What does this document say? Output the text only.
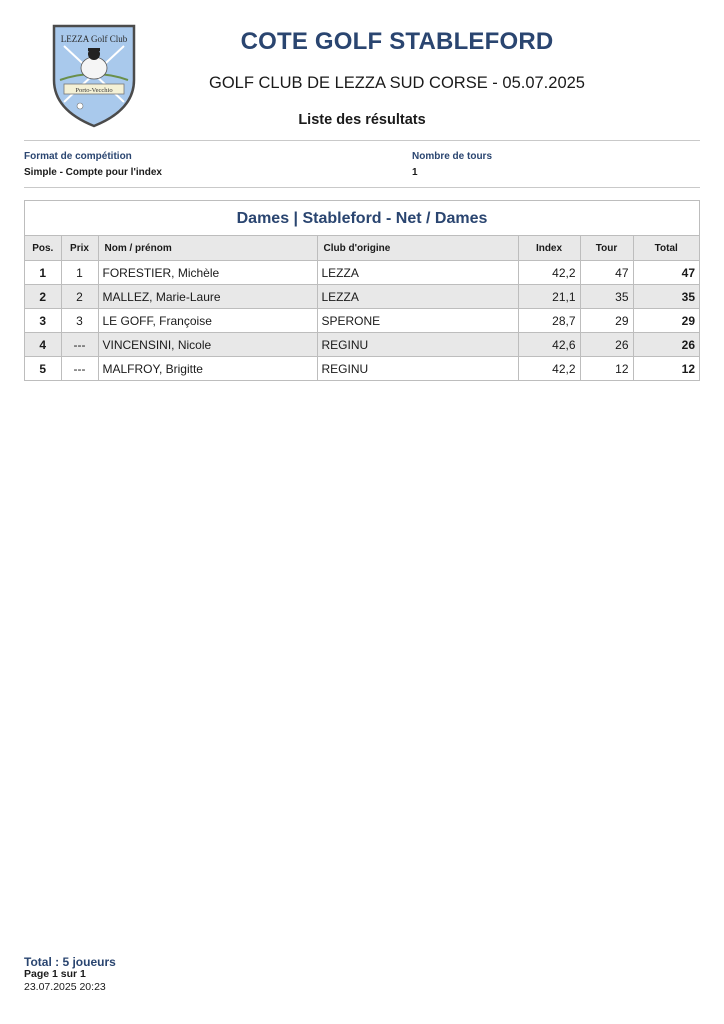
LEZZA Golf Club
Porto-Vecchio
COTE GOLF STABLEFORD
GOLF CLUB DE LEZZA SUD CORSE - 05.07.2025
Liste des résultats
Format de compétition
Simple - Compte pour l'index
Nombre de tours
1
Dames | Stableford - Net / Dames
Pos.	Prix	Nom / prénom	Club d'origine	Index	Tour	Total
1	1	FORESTIER, Michèle	LEZZA	42,2	47	47
2	2	MALLEZ, Marie-Laure	LEZZA	21,1	35	35
3	3	LE GOFF, Françoise	SPERONE	28,7	29	29
4	---	VINCENSINI, Nicole	REGINU	42,6	26	26
5	---	MALFROY, Brigitte	REGINU	42,2	12	12
Total : 5 joueurs
Page 1 sur 1
23.07.2025 20:23
